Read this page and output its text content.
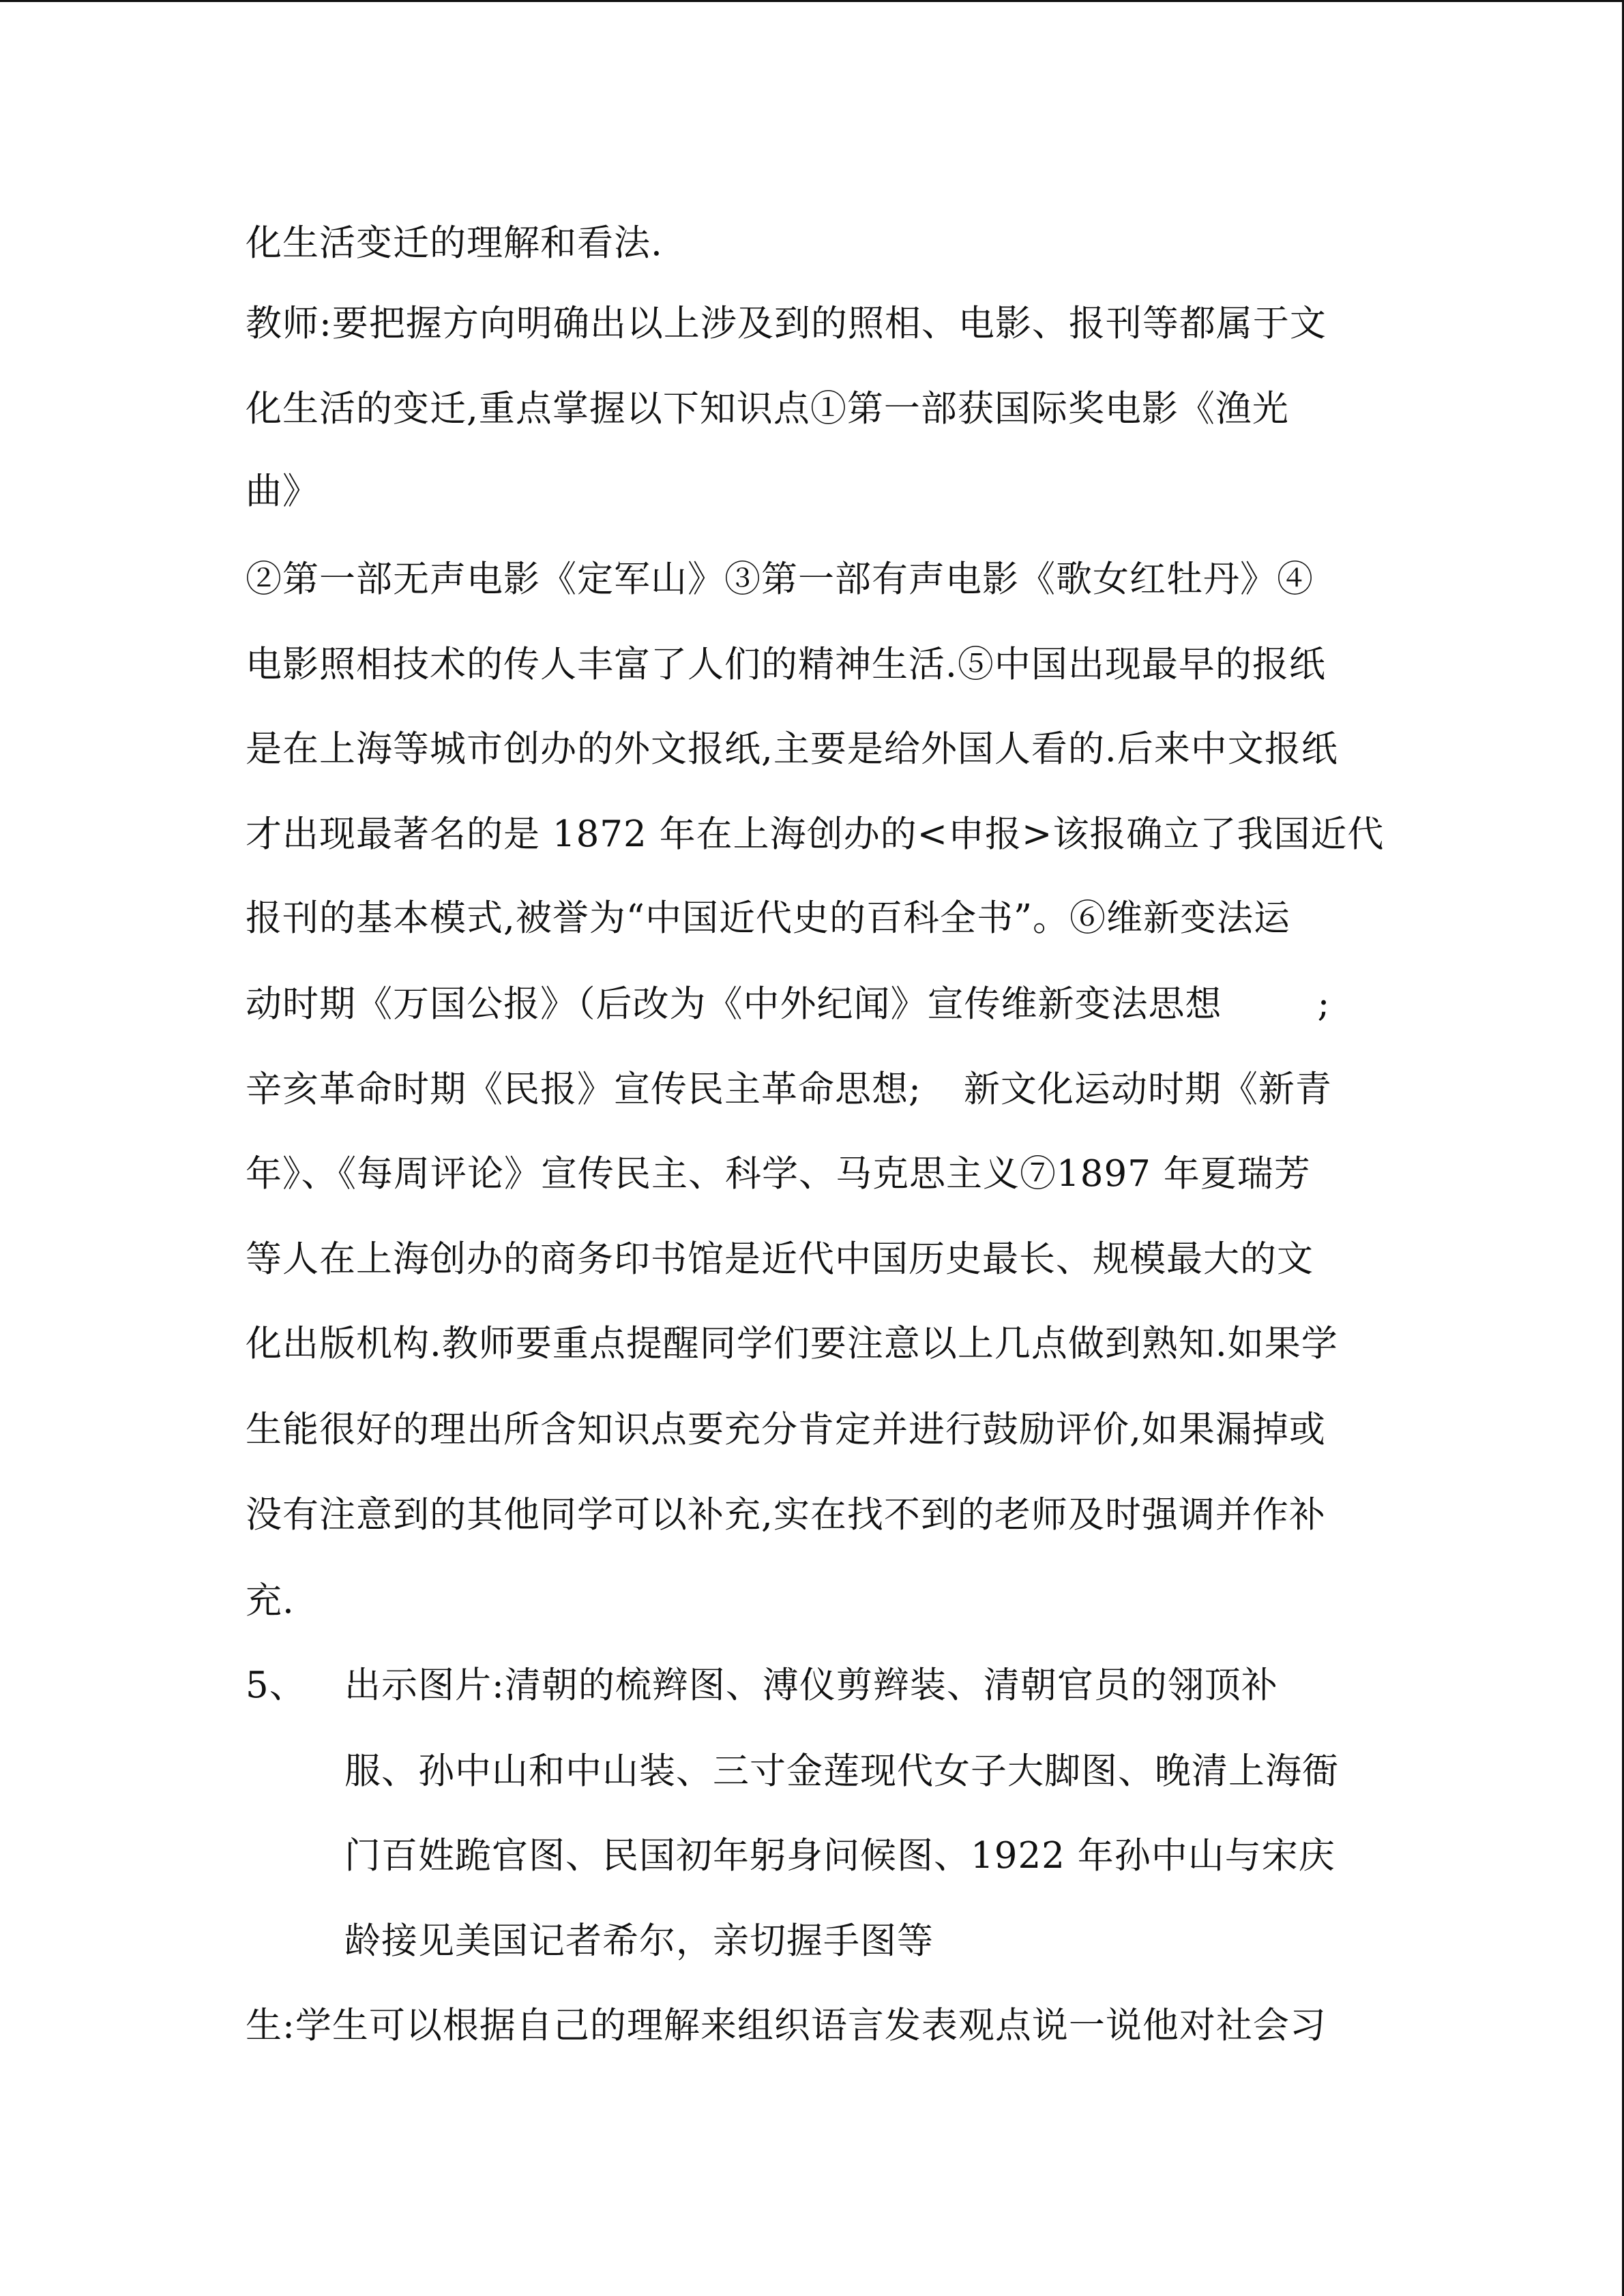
化生活变迁的理解和看法.
教师:要把握方向明确出以上涉及到的照相、电影、报刊等都属于文
化生活的变迁,重点掌握以下知识点①第一部获国际奖电影《渔光
曲》
②第一部无声电影《定军山》③第一部有声电影《歌女红牡丹》④
电影照相技术的传人丰富了人们的精神生活.⑤中国出现最早的报纸
是在上海等城市创办的外文报纸,主要是给外国人看的.后来中文报纸
才出现最著名的是 1872 年在上海创办的<申报>该报确立了我国近代
报刊的基本模式,被誉为“中国近代史的百科全书”。⑥维新变法运
动时期《万国公报》（后改为《中外纪闻》宣传维新变法思想	;
辛亥革命时期《民报》宣传民主革命思想; 新文化运动时期《新青
年》、《每周评论》宣传民主、科学、马克思主义⑦1897 年夏瑞芳
等人在上海创办的商务印书馆是近代中国历史最长、规模最大的文
化出版机构.教师要重点提醒同学们要注意以上几点做到熟知.如果学
生能很好的理出所含知识点要充分肯定并进行鼓励评价,如果漏掉或
没有注意到的其他同学可以补充,实在找不到的老师及时强调并作补
充.
5、 出示图片:清朝的梳辫图、溥仪剪辫装、清朝官员的翎顶补
服、孙中山和中山装、三寸金莲现代女子大脚图、晚清上海衙
门百姓跪官图、民国初年躬身问候图、1922 年孙中山与宋庆
龄接见美国记者希尔，亲切握手图等
生:学生可以根据自己的理解来组织语言发表观点说一说他对社会习
